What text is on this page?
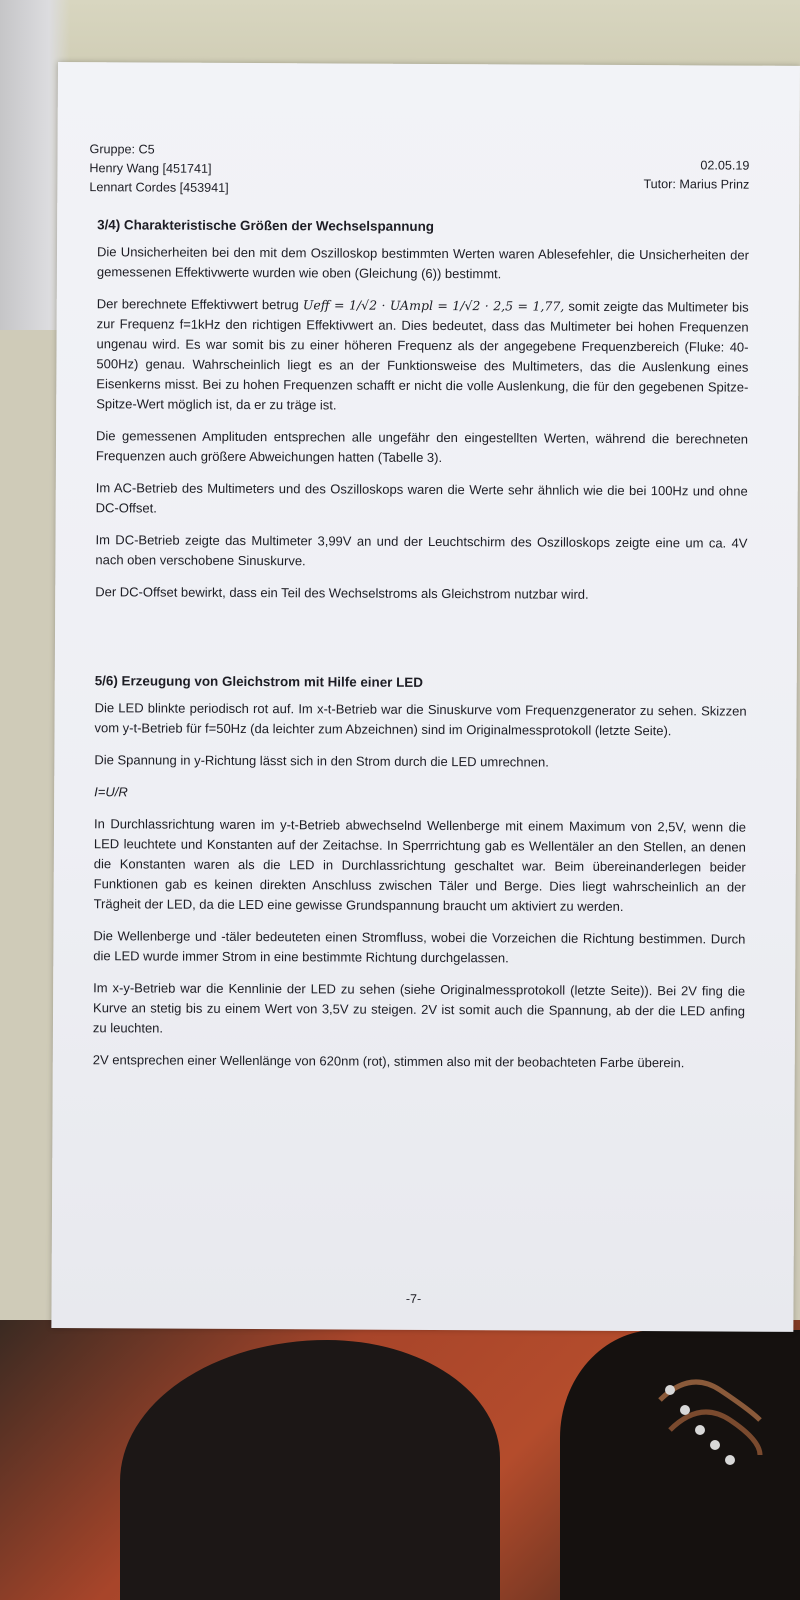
Gruppe: C5
Henry Wang [451741]
Lennart Cordes [453941]
02.05.19
Tutor: Marius Prinz
3/4) Charakteristische Größen der Wechselspannung

Die Unsicherheiten bei den mit dem Oszilloskop bestimmten Werten waren Ablesefehler, die Unsicherheiten der gemessenen Effektivwerte wurden wie oben (Gleichung (6)) bestimmt.

Der berechnete Effektivwert betrug Ueff = 1/√2 · UAmpl = 1/√2 · 2,5 = 1,77, somit zeigte das Multimeter bis zur Frequenz f=1kHz den richtigen Effektivwert an. Dies bedeutet, dass das Multimeter bei hohen Frequenzen ungenau wird. Es war somit bis zu einer höheren Frequenz als der angegebene Frequenzbereich (Fluke: 40-500Hz) genau. Wahrscheinlich liegt es an der Funktionsweise des Multimeters, das die Auslenkung eines Eisenkerns misst. Bei zu hohen Frequenzen schafft er nicht die volle Auslenkung, die für den gegebenen Spitze-Spitze-Wert möglich ist, da er zu träge ist.

Die gemessenen Amplituden entsprechen alle ungefähr den eingestellten Werten, während die berechneten Frequenzen auch größere Abweichungen hatten (Tabelle 3).

Im AC-Betrieb des Multimeters und des Oszilloskops waren die Werte sehr ähnlich wie die bei 100Hz und ohne DC-Offset.

Im DC-Betrieb zeigte das Multimeter 3,99V an und der Leuchtschirm des Oszilloskops zeigte eine um ca. 4V nach oben verschobene Sinuskurve.

Der DC-Offset bewirkt, dass ein Teil des Wechselstroms als Gleichstrom nutzbar wird.

5/6) Erzeugung von Gleichstrom mit Hilfe einer LED

Die LED blinkte periodisch rot auf. Im x-t-Betrieb war die Sinuskurve vom Frequenzgenerator zu sehen. Skizzen vom y-t-Betrieb für f=50Hz (da leichter zum Abzeichnen) sind im Originalmessprotokoll (letzte Seite).

Die Spannung in y-Richtung lässt sich in den Strom durch die LED umrechnen.

I=U/R

In Durchlassrichtung waren im y-t-Betrieb abwechselnd Wellenberge mit einem Maximum von 2,5V, wenn die LED leuchtete und Konstanten auf der Zeitachse. In Sperrrichtung gab es Wellentäler an den Stellen, an denen die Konstanten waren als die LED in Durchlassrichtung geschaltet war. Beim übereinanderlegen beider Funktionen gab es keinen direkten Anschluss zwischen Täler und Berge. Dies liegt wahrscheinlich an der Trägheit der LED, da die LED eine gewisse Grundspannung braucht um aktiviert zu werden.

Die Wellenberge und -täler bedeuteten einen Stromfluss, wobei die Vorzeichen die Richtung bestimmen. Durch die LED wurde immer Strom in eine bestimmte Richtung durchgelassen.

Im x-y-Betrieb war die Kennlinie der LED zu sehen (siehe Originalmessprotokoll (letzte Seite)). Bei 2V fing die Kurve an stetig bis zu einem Wert von 3,5V zu steigen. 2V ist somit auch die Spannung, ab der die LED anfing zu leuchten.

2V entsprechen einer Wellenlänge von 620nm (rot), stimmen also mit der beobachteten Farbe überein.

-7-
